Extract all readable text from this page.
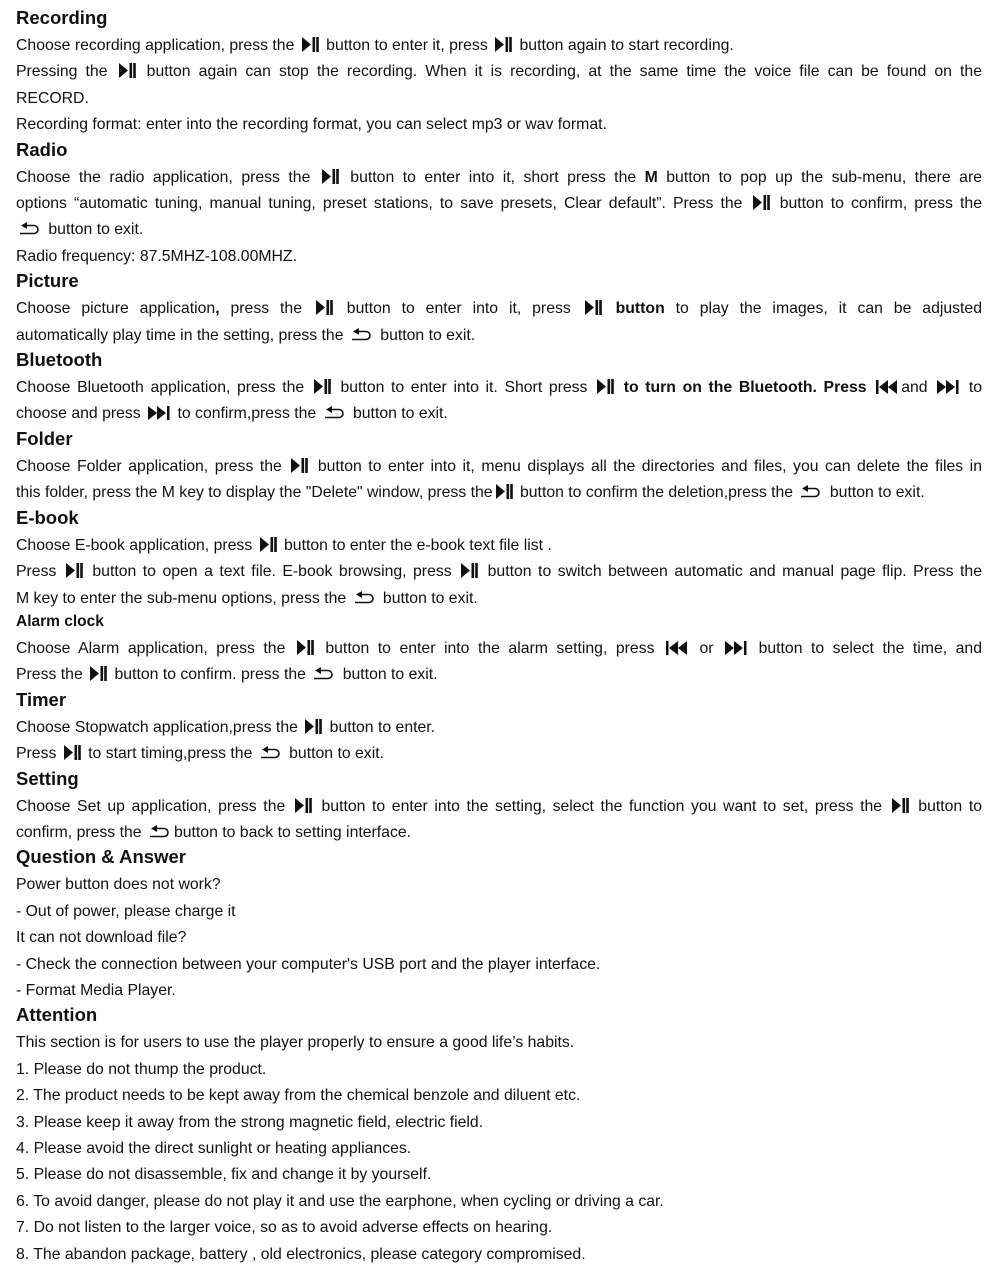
Recording
Choose recording application, press the
button to enter it, press
button again to start recording.
Pressing the
button again can stop the recording. When it is recording, at the same time the voice file can be found on the
RECORD.
Recording format: enter into the recording format, you can select mp3 or wav format.
Radio
Choose the radio application, press the
button to enter into it, short press the M button to pop up the sub-menu, there are
options “automatic tuning, manual tuning, preset stations, to save presets, Clear default”. Press the
button to confirm, press the
button to exit.
Radio frequency: 87.5MHZ-108.00MHZ.
Picture
Choose picture application, press the
button to enter into it, press
button to play the images, it can be adjusted
automatically play time in the setting, press the
button to exit.
Bluetooth
Choose Bluetooth application, press the
button to enter into it. Short press
to turn on the Bluetooth. Press
and
to
choose and press
to confirm,press the
button to exit.
Folder
Choose Folder application, press the
button to enter into it, menu displays all the directories and files, you can delete the files in
this folder, press the M key to display the "Delete" window, press the
button to confirm the deletion,press the
button to exit.
E-book
Choose E-book application, press
button to enter the e-book text file list .
Press
button to open a text file. E-book browsing, press
button to switch between automatic and manual page flip. Press the
M key to enter the sub-menu options, press the
button to exit.
Alarm clock
Choose Alarm application, press the
button to enter into the alarm setting, press
or
button to select the time, and
Press the
button to confirm. press the
button to exit.
Timer
Choose Stopwatch application,press the
button to enter.
Press
to start timing,press the
button to exit.
Setting
Choose Set up application, press the
button to enter into the setting, select the function you want to set, press the
button to
confirm, press the
button to back to setting interface.
Question & Answer
Power button does not work?
- Out of power, please charge it
It can not download file?
- Check the connection between your computer's USB port and the player interface.
- Format Media Player.
Attention
This section is for users to use the player properly to ensure a good life’s habits.
1. Please do not thump the product.
2. The product needs to be kept away from the chemical benzole and diluent etc.
3. Please keep it away from the strong magnetic field, electric field.
4. Please avoid the direct sunlight or heating appliances.
5. Please do not disassemble, fix and change it by yourself.
6. To avoid danger, please do not play it and use the earphone, when cycling or driving a car.
7. Do not listen to the larger voice, so as to avoid adverse effects on hearing.
8. The abandon package, battery , old electronics, please category compromised.
